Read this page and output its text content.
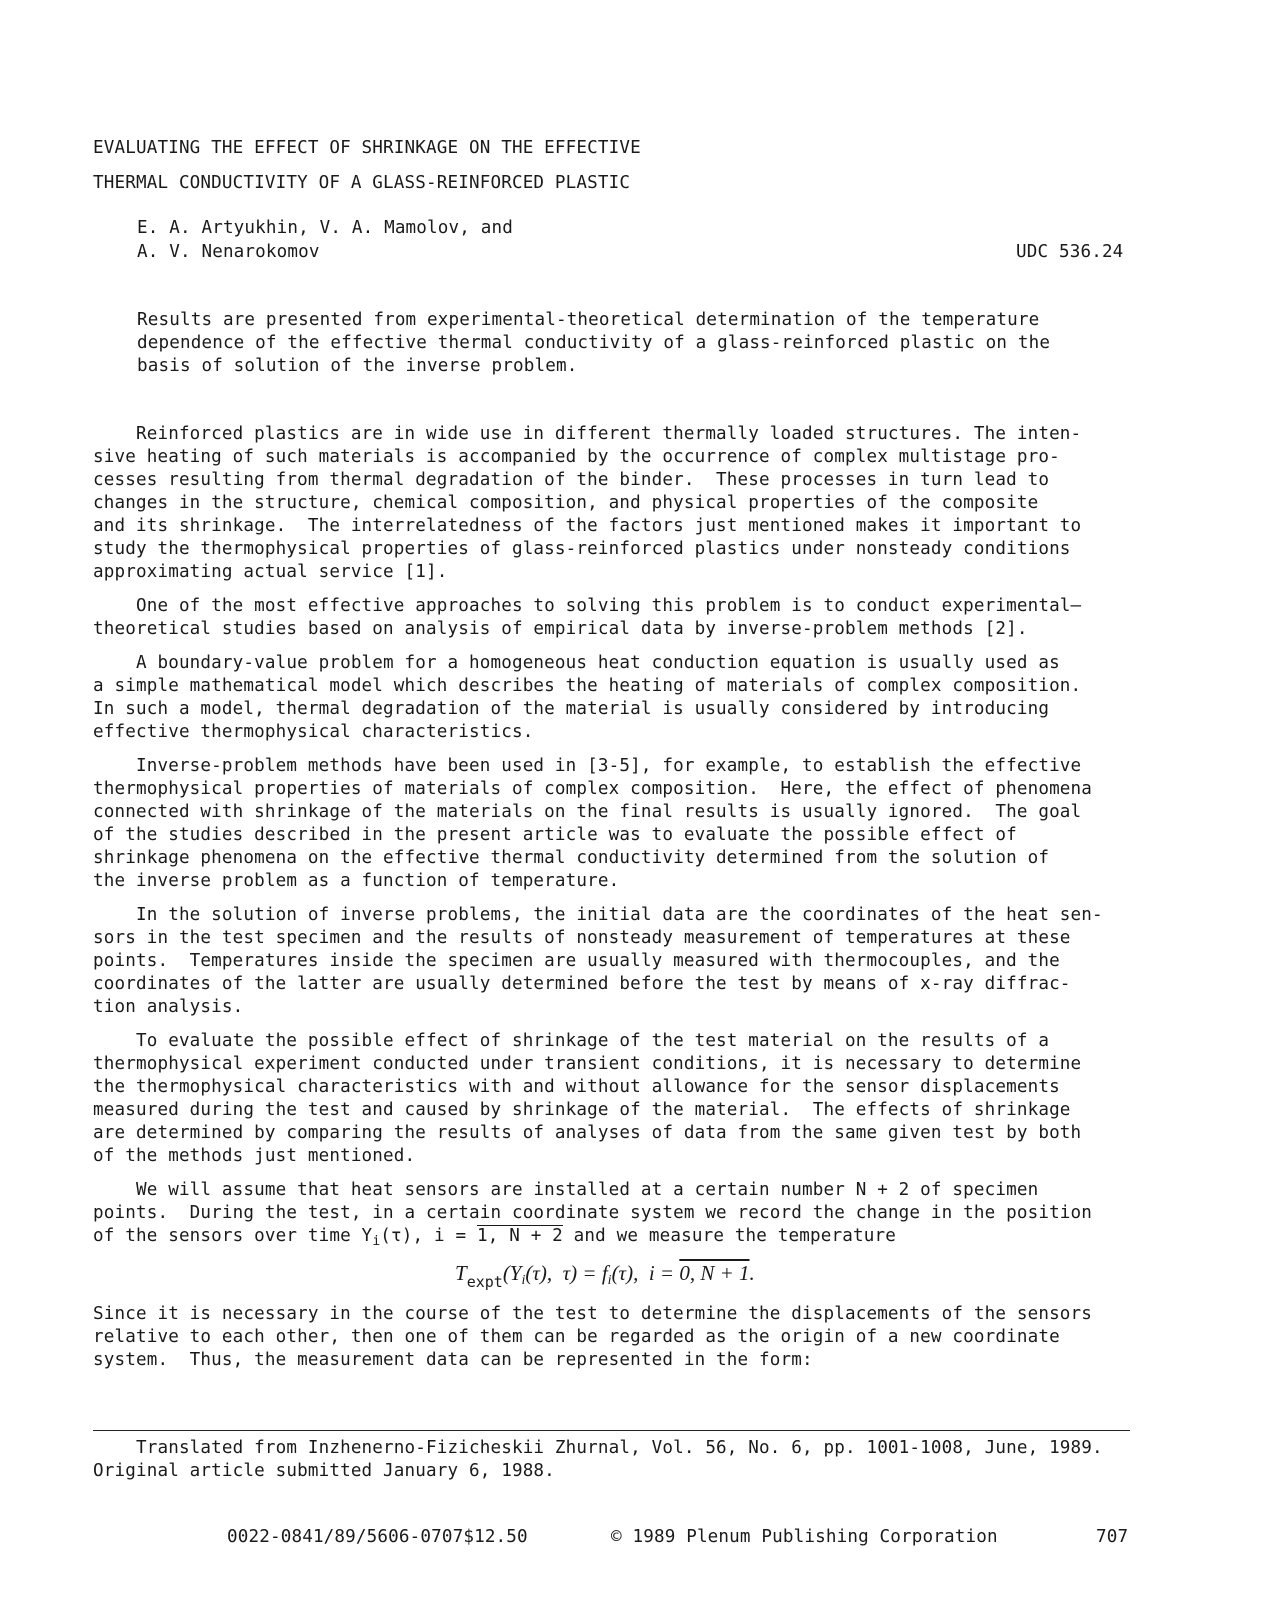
EVALUATING THE EFFECT OF SHRINKAGE ON THE EFFECTIVE
THERMAL CONDUCTIVITY OF A GLASS-REINFORCED PLASTIC
E. A. Artyukhin, V. A. Mamolov, and
A. V. Nenarokomov	UDC 536.24
Results are presented from experimental-theoretical determination of the temperature
dependence of the effective thermal conductivity of a glass-reinforced plastic on the
basis of solution of the inverse problem.
Reinforced plastics are in wide use in different thermally loaded structures. The inten-
sive heating of such materials is accompanied by the occurrence of complex multistage pro-
cesses resulting from thermal degradation of the binder.  These processes in turn lead to
changes in the structure, chemical composition, and physical properties of the composite
and its shrinkage.  The interrelatedness of the factors just mentioned makes it important to
study the thermophysical properties of glass-reinforced plastics under nonsteady conditions
approximating actual service [1].
One of the most effective approaches to solving this problem is to conduct experimental—
theoretical studies based on analysis of empirical data by inverse-problem methods [2].
A boundary-value problem for a homogeneous heat conduction equation is usually used as
a simple mathematical model which describes the heating of materials of complex composition.
In such a model, thermal degradation of the material is usually considered by introducing
effective thermophysical characteristics.
Inverse-problem methods have been used in [3-5], for example, to establish the effective
thermophysical properties of materials of complex composition.  Here, the effect of phenomena
connected with shrinkage of the materials on the final results is usually ignored.  The goal
of the studies described in the present article was to evaluate the possible effect of
shrinkage phenomena on the effective thermal conductivity determined from the solution of
the inverse problem as a function of temperature.
In the solution of inverse problems, the initial data are the coordinates of the heat sen-
sors in the test specimen and the results of nonsteady measurement of temperatures at these
points.  Temperatures inside the specimen are usually measured with thermocouples, and the
coordinates of the latter are usually determined before the test by means of x-ray diffrac-
tion analysis.
To evaluate the possible effect of shrinkage of the test material on the results of a
thermophysical experiment conducted under transient conditions, it is necessary to determine
the thermophysical characteristics with and without allowance for the sensor displacements
measured during the test and caused by shrinkage of the material.  The effects of shrinkage
are determined by comparing the results of analyses of data from the same given test by both
of the methods just mentioned.
We will assume that heat sensors are installed at a certain number N + 2 of specimen
points.  During the test, in a certain coordinate system we record the change in the position
of the sensors over time $Y_i(\tau)$, i = 1, N + 2 and we measure the temperature
$T_{expt}(Yi(\tau)$,  τ) = fi(τ),  i = 0, N + 1.
Since it is necessary in the course of the test to determine the displacements of the sensors
relative to each other, then one of them can be regarded as the origin of a new coordinate
system.  Thus, the measurement data can be represented in the form:
Translated from Inzhenerno-Fizicheskii Zhurnal, Vol. 56, No. 6, pp. 1001-1008, June, 1989.
Original article submitted January 6, 1988.
0022-0841/89/5606-0707$12.50	© 1989 Plenum Publishing Corporation	707
